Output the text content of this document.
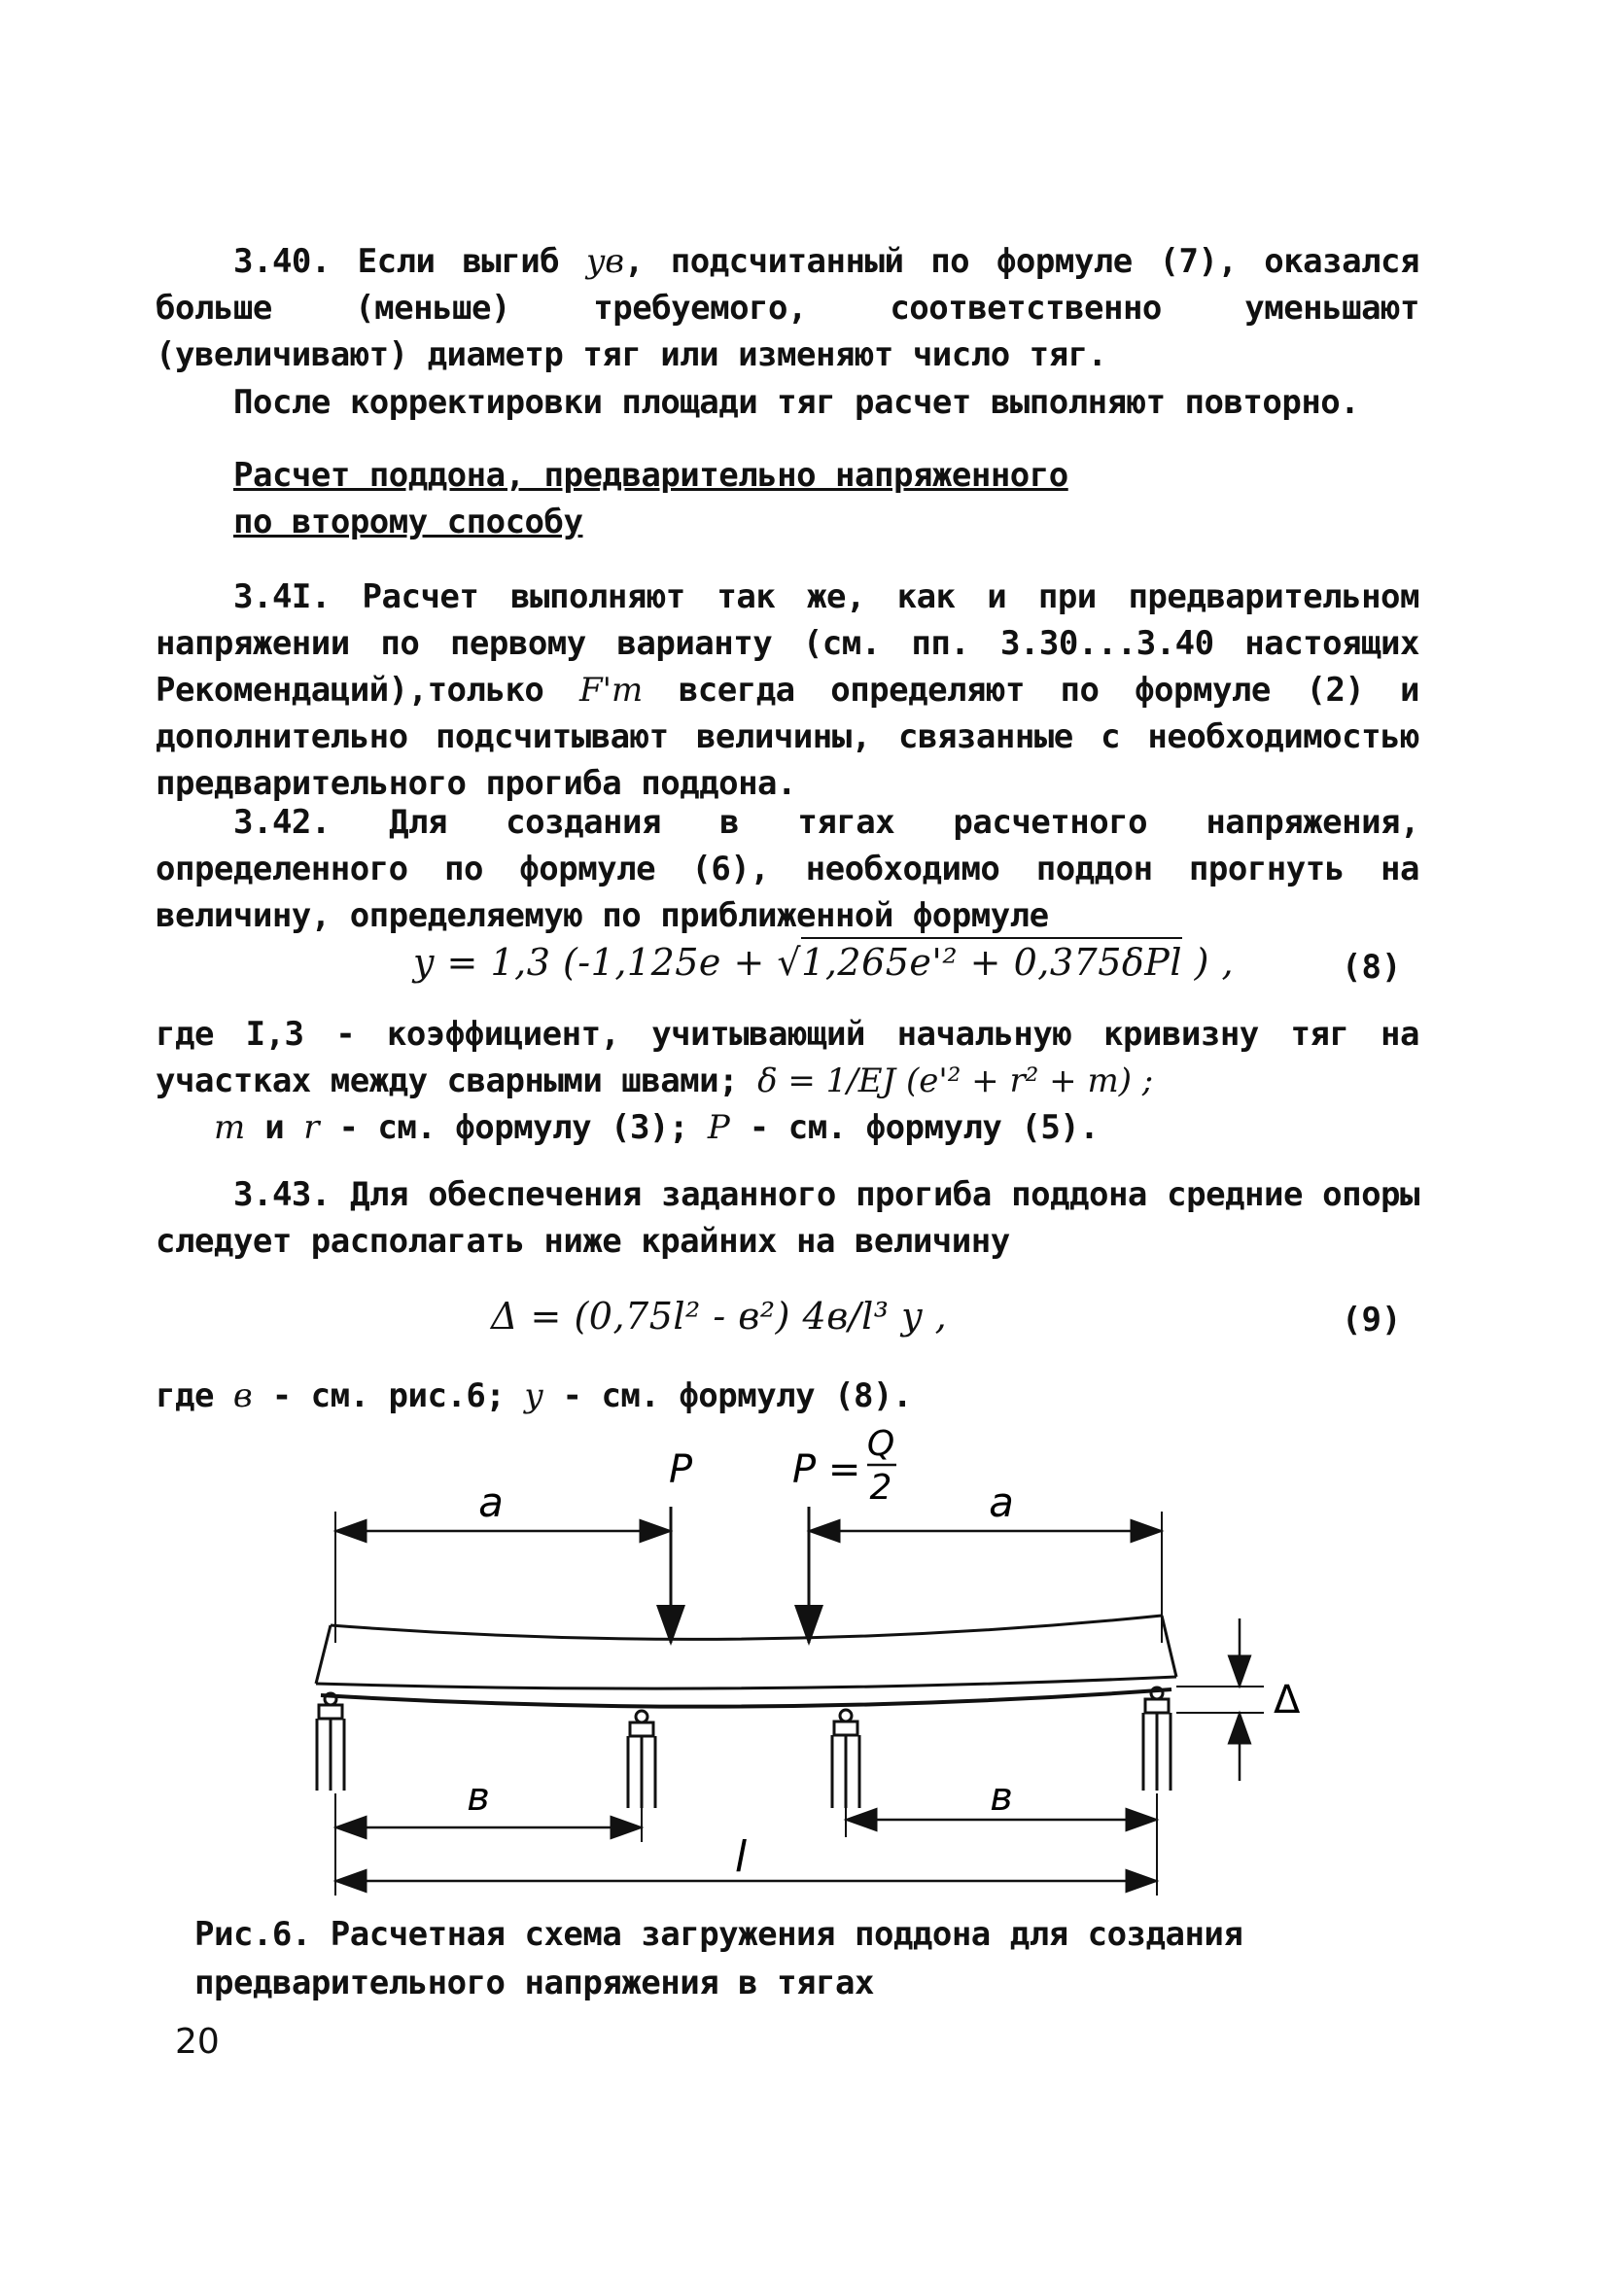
3.40. Если выгиб yв, подсчитанный по формуле (7), оказался больше (меньше) требуемого, соответственно уменьшают (увеличивают) диаметр тяг или изменяют число тяг.
После корректировки площади тяг расчет выполняют повторно.
Расчет поддона, предварительно напряженного
по второму способу
3.4I. Расчет выполняют так же, как и при предварительном напряжении по первому варианту (см. пп. 3.30...3.40 настоящих Рекомендаций),только F'т всегда определяют по формуле (2) и дополнительно подсчитывают величины, связанные с необходимостью предварительного прогиба поддона.
3.42. Для создания в тягах расчетного напряжения, определенного по формуле (6), необходимо поддон прогнуть на величину, определяемую по приближенной формуле
y = 1,3 (-1,125e + √1,265e'² + 0,375δPl ) ,	(8)
где I,3 - коэффициент, учитывающий начальную кривизну тяг на участках между сварными швами; δ = 1/EJ (e'² + r² + m) ;
m и r - см. формулу (3); P - см. формулу (5).
3.43. Для обеспечения заданного прогиба поддона средние опоры следует располагать ниже крайних на величину
Δ = (0,75l² - в²) 4в/l³ y ,	(9)
где в - см. рис.6; y - см. формулу (8).
a
P	P =
Q
2 a
Δ
в	в
l
Рис.6. Расчетная схема загружения поддона для создания предварительного напряжения в тягах
20
